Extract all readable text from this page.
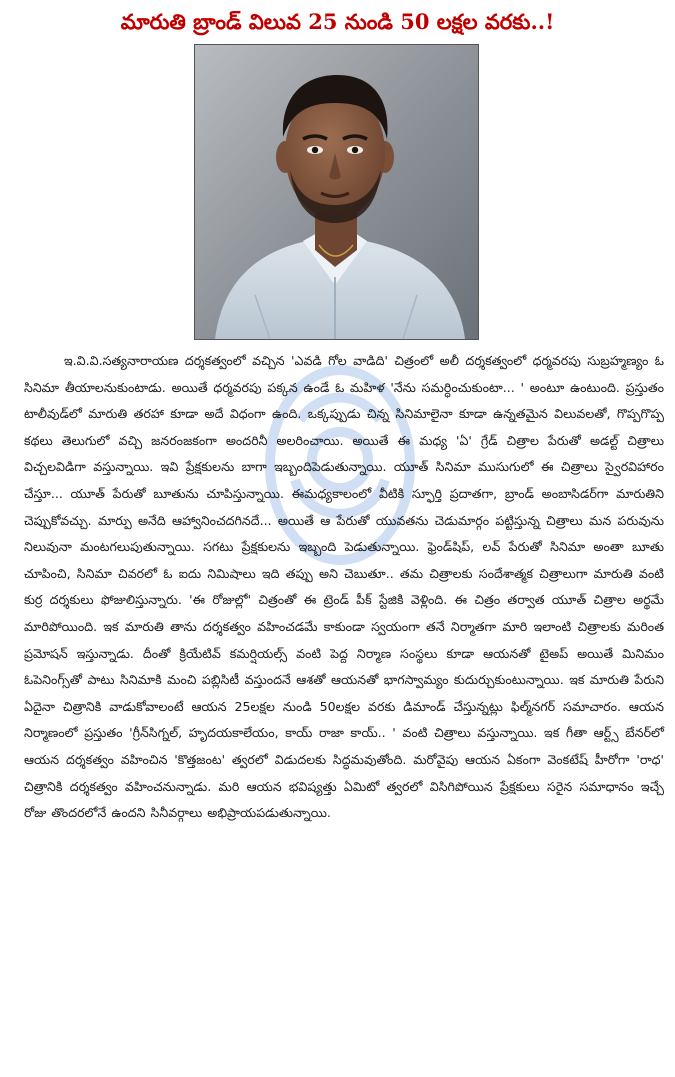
మారుతి బ్రాండ్ విలువ 25 నుండి 50 లక్షల వరకు..!

ఇ.వి.వి.సత్యనారాయణ దర్శకత్వంలో వచ్చిన 'ఎవడి గోల వాడిది' చిత్రంలో అలీ దర్శకత్వంలో ధర్మవరపు సుబ్రహ్మణ్యం ఓ సినిమా తీయాలనుకుంటాడు. అయితే ధర్మవరపు పక్కన ఉండే ఓ మహిళ 'నేను సమర్ధించుకుంటా... ' అంటూ ఉంటుంది. ప్రస్తుతం టాలీవుడ్‌లో మారుతి తరహా కూడా అదే విధంగా ఉంది. ఒక్కప్పుడు చిన్న సినిమాలైనా కూడా ఉన్నతమైన విలువలతో, గొప్పగొప్ప కథలు తెలుగులో వచ్చి జనరంజకంగా అందరినీ అలరించాయి. అయితే ఈ మధ్య 'ఏ' గ్రేడ్ చిత్రాల పేరుతో అడల్ట్ చిత్రాలు విచ్చలవిడిగా వస్తున్నాయి. ఇవి ప్రేక్షకులను బాగా ఇబ్బందిపెడుతున్నాయి. యూత్ సినిమా ముసుగులో ఈ చిత్రాలు స్వైరవిహారం చేస్తూ... యూత్ పేరుతో బూతును చూపిస్తున్నాయి. ఈమధ్యకాలంలో వీటికి స్ఫూర్తి ప్రదాతగా, బ్రాండ్ అంబాసిడర్‌గా మారుతిని చెప్పుకోవచ్చు. మార్పు అనేది ఆహ్వానించదగినదే... అయితే ఆ పేరుతో యువతను చెడుమార్గం పట్టిస్తున్న చిత్రాలు మన పరువును నిలువునా మంటగలుపుతున్నాయి. సగటు ప్రేక్షకులను ఇబ్బంది పెడుతున్నాయి. ఫ్రెండ్‌షిప్, లవ్ పేరుతో సినిమా అంతా బూతు చూపించి, సినిమా చివరలో ఓ ఐదు నిమిషాలు ఇది తప్పు అని చెబుతూ.. తమ చిత్రాలకు సందేశాత్మక చిత్రాలుగా మారుతి వంటి కుర్ర దర్శకులు ఫోజులిస్తున్నారు. 'ఈ రోజుల్లో' చిత్రంతో ఈ ట్రెండ్ పీక్ స్టేజికి వెళ్లింది. ఈ చిత్రం తర్వాత యూత్ చిత్రాల అర్థమే మారిపోయింది. ఇక మారుతి తాను దర్శకత్వం వహించడమే కాకుండా స్వయంగా తనే నిర్మాతగా మారి ఇలాంటి చిత్రాలకు మరింత ప్రమోషన్ ఇస్తున్నాడు. దీంతో క్రియేటివ్ కమర్షియల్స్ వంటి పెద్ద నిర్మాణ సంస్థలు కూడా ఆయనతో టైఅప్ అయితే మినిమం ఓపెనింగ్స్‌తో పాటు సినిమాకి మంచి పబ్లిసిటీ వస్తుందనే ఆశతో ఆయనతో భాగస్వామ్యం కుదుర్చుకుంటున్నాయి. ఇక మారుతి పేరుని ఏదైనా చిత్రానికి వాడుకోవాలంటే ఆయన 25లక్షల నుండి 50లక్షల వరకు డిమాండ్ చేస్తున్నట్లు ఫిల్మ్‌నగర్ సమాచారం. ఆయన నిర్మాణంలో ప్రస్తుతం 'గ్రీన్‌సిగ్నల్, హృదయకాలేయం, కాయ్ రాజా కాయ్.. ' వంటి చిత్రాలు వస్తున్నాయి. ఇక గీతా ఆర్ట్స్ బేనర్‌లో ఆయన దర్శకత్వం వహించిన 'కొత్తజంట' త్వరలో విడుదలకు సిద్ధమవుతోంది. మరోవైపు ఆయన ఏకంగా వెంకటేష్ హీరోగా 'రాధ' చిత్రానికి దర్శకత్వం వహించనున్నాడు. మరి ఆయన భవిష్యత్తు ఏమిటో త్వరలో విసిగిపోయిన ప్రేక్షకులు సరైన సమాధానం ఇచ్చే రోజు తొందరలోనే ఉందని సినీవర్గాలు అభిప్రాయపడుతున్నాయి.
